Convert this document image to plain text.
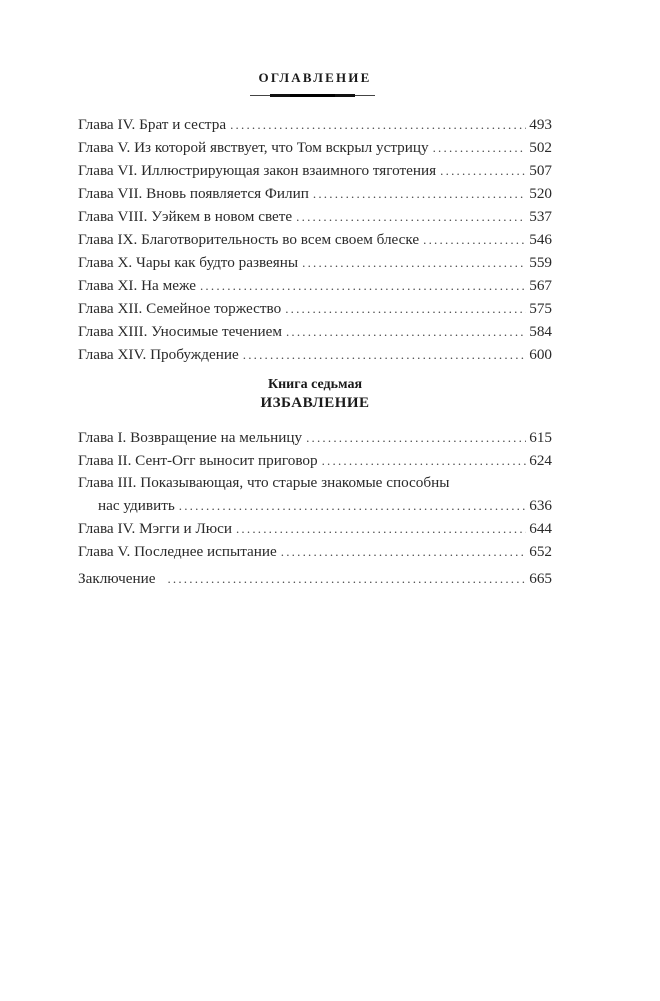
ОГЛАВЛЕНИЕ
Глава IV. Брат и сестра .....	493
Глава V. Из которой явствует, что Том вскрыл устрицу .....	502
Глава VI. Иллюстрирующая закон взаимного тяготения .....	507
Глава VII. Вновь появляется Филип .....	520
Глава VIII. Уэйкем в новом свете .....	537
Глава IX. Благотворительность во всем своем блеске .....	546
Глава X. Чары как будто развеяны .....	559
Глава XI. На меже .....	567
Глава XII. Семейное торжество .....	575
Глава XIII. Уносимые течением .....	584
Глава XIV. Пробуждение .....	600
Книга седьмая
ИЗБАВЛЕНИЕ
Глава I. Возвращение на мельницу .....	615
Глава II. Сент-Огг выносит приговор .....	624
Глава III. Показывающая, что старые знакомые способны
нас удивить .....	636
Глава IV. Мэгги и Люси .....	644
Глава V. Последнее испытание .....	652
Заключение .....	665
